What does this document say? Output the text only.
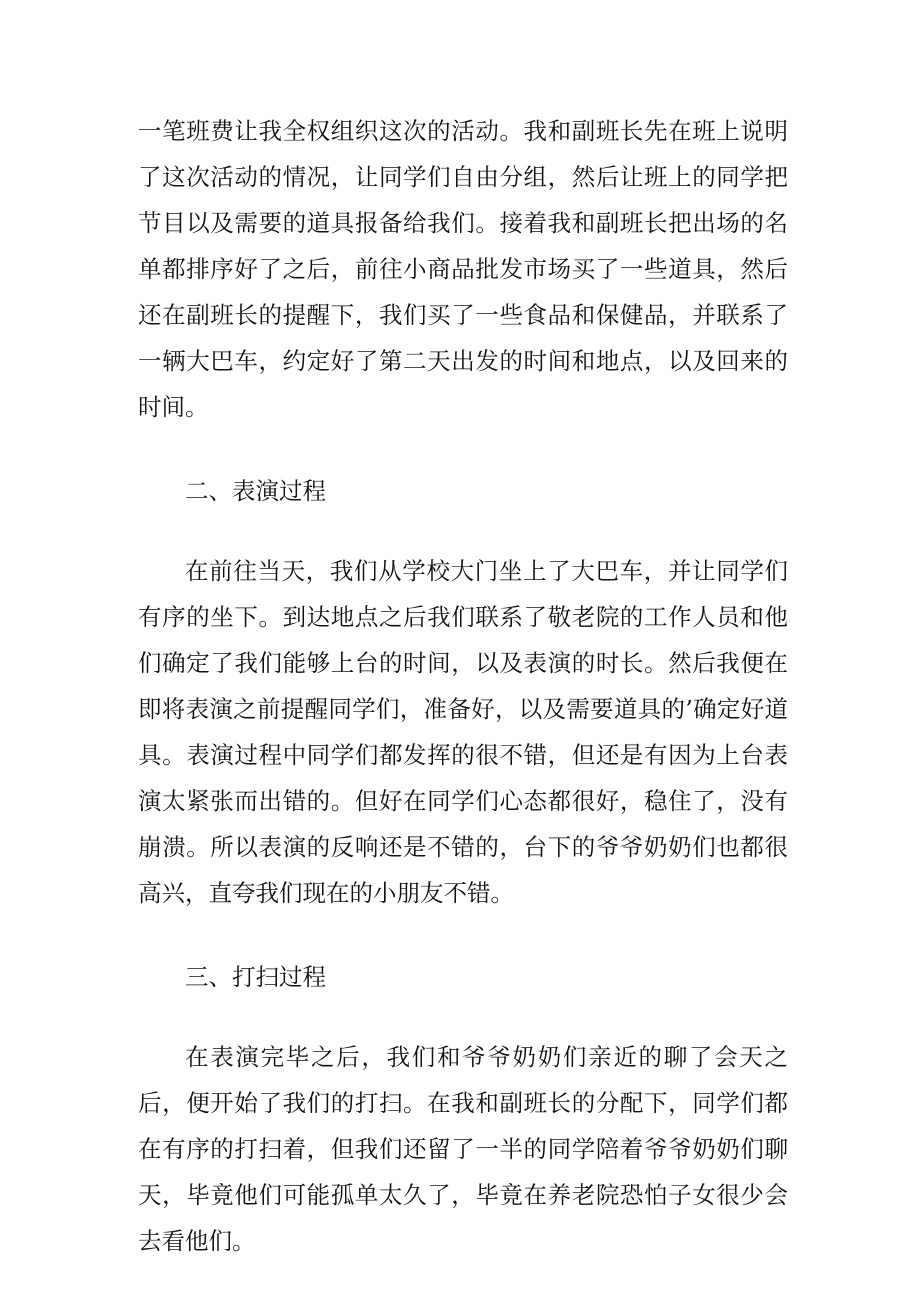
一笔班费让我全权组织这次的活动。我和副班长先在班上说明了这次活动的情况，让同学们自由分组，然后让班上的同学把节目以及需要的道具报备给我们。接着我和副班长把出场的名单都排序好了之后，前往小商品批发市场买了一些道具，然后还在副班长的提醒下，我们买了一些食品和保健品，并联系了一辆大巴车，约定好了第二天出发的时间和地点，以及回来的时间。

二、表演过程

在前往当天，我们从学校大门坐上了大巴车，并让同学们有序的坐下。到达地点之后我们联系了敬老院的工作人员和他们确定了我们能够上台的时间，以及表演的时长。然后我便在即将表演之前提醒同学们，准备好，以及需要道具的’确定好道具。表演过程中同学们都发挥的很不错，但还是有因为上台表演太紧张而出错的。但好在同学们心态都很好，稳住了，没有崩溃。所以表演的反响还是不错的，台下的爷爷奶奶们也都很高兴，直夸我们现在的小朋友不错。

三、打扫过程

在表演完毕之后，我们和爷爷奶奶们亲近的聊了会天之后，便开始了我们的打扫。在我和副班长的分配下，同学们都在有序的打扫着，但我们还留了一半的同学陪着爷爷奶奶们聊天，毕竟他们可能孤单太久了，毕竟在养老院恐怕子女很少会去看他们。
